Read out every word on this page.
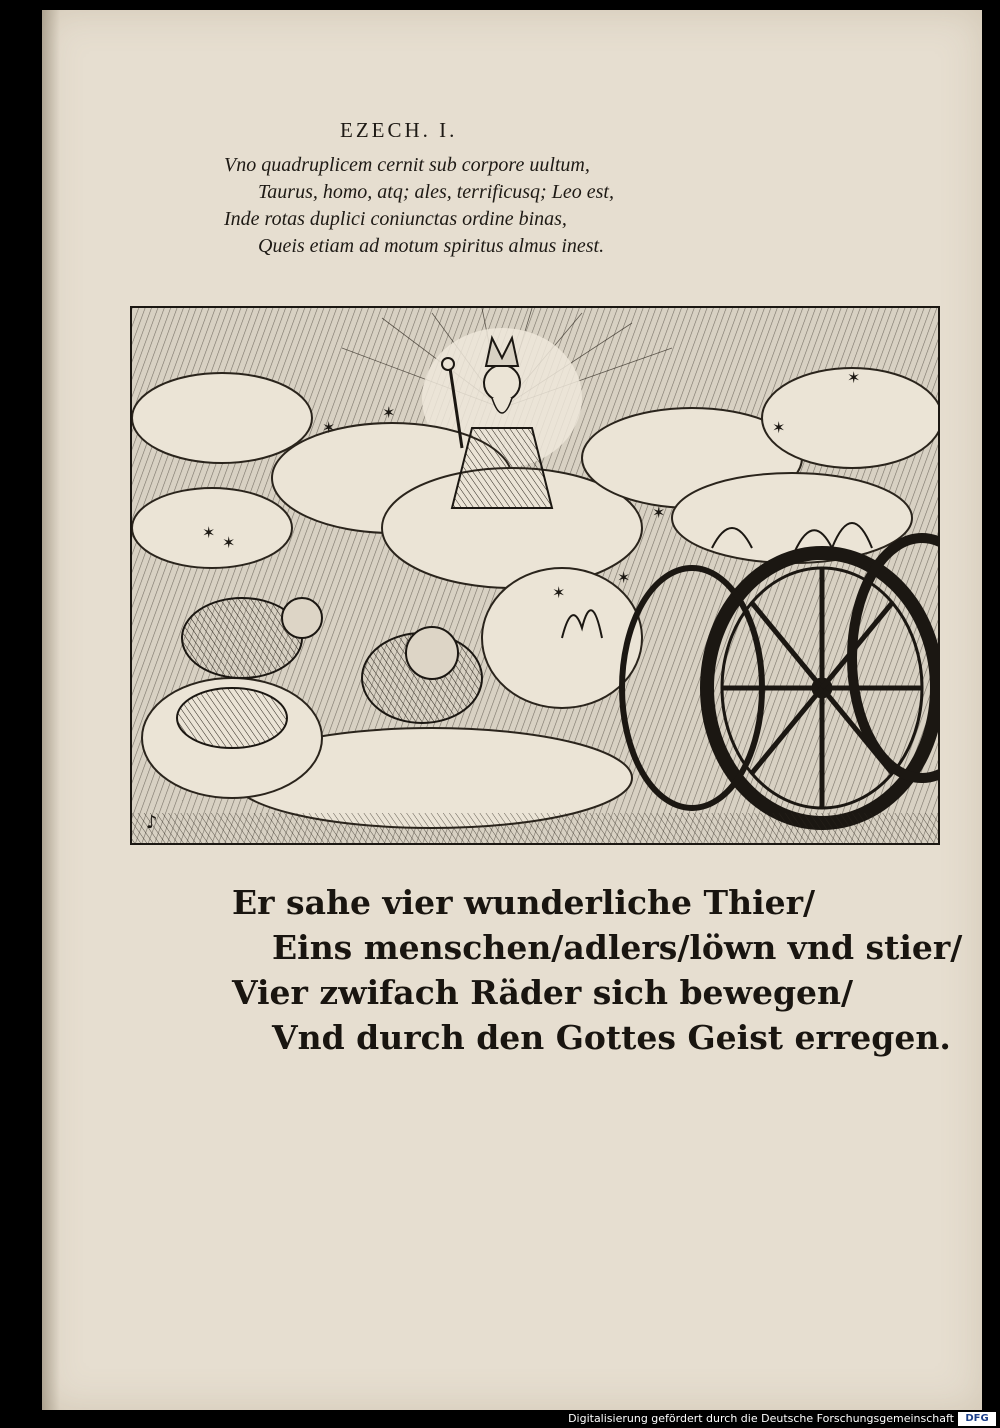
EZECH. I.
Vno quadruplicem cernit sub corpore uultum,
Taurus, homo, atq; ales, terrificusq; Leo est,
Inde rotas duplici coniunctas ordine binas,
Queis etiam ad motum spiritus almus inest.
✶
✶
✶
✶
✶
✶
✶
✶
✶
♪
Er sahe vier wunderliche Thier/
Eins menschen/adlers/löwn vnd stier/
Vier zwifach Räder sich bewegen/
Vnd durch den Gottes Geist erregen.
Digitalisierung gefördert durch die Deutsche Forschungsgemeinschaft	DFG
